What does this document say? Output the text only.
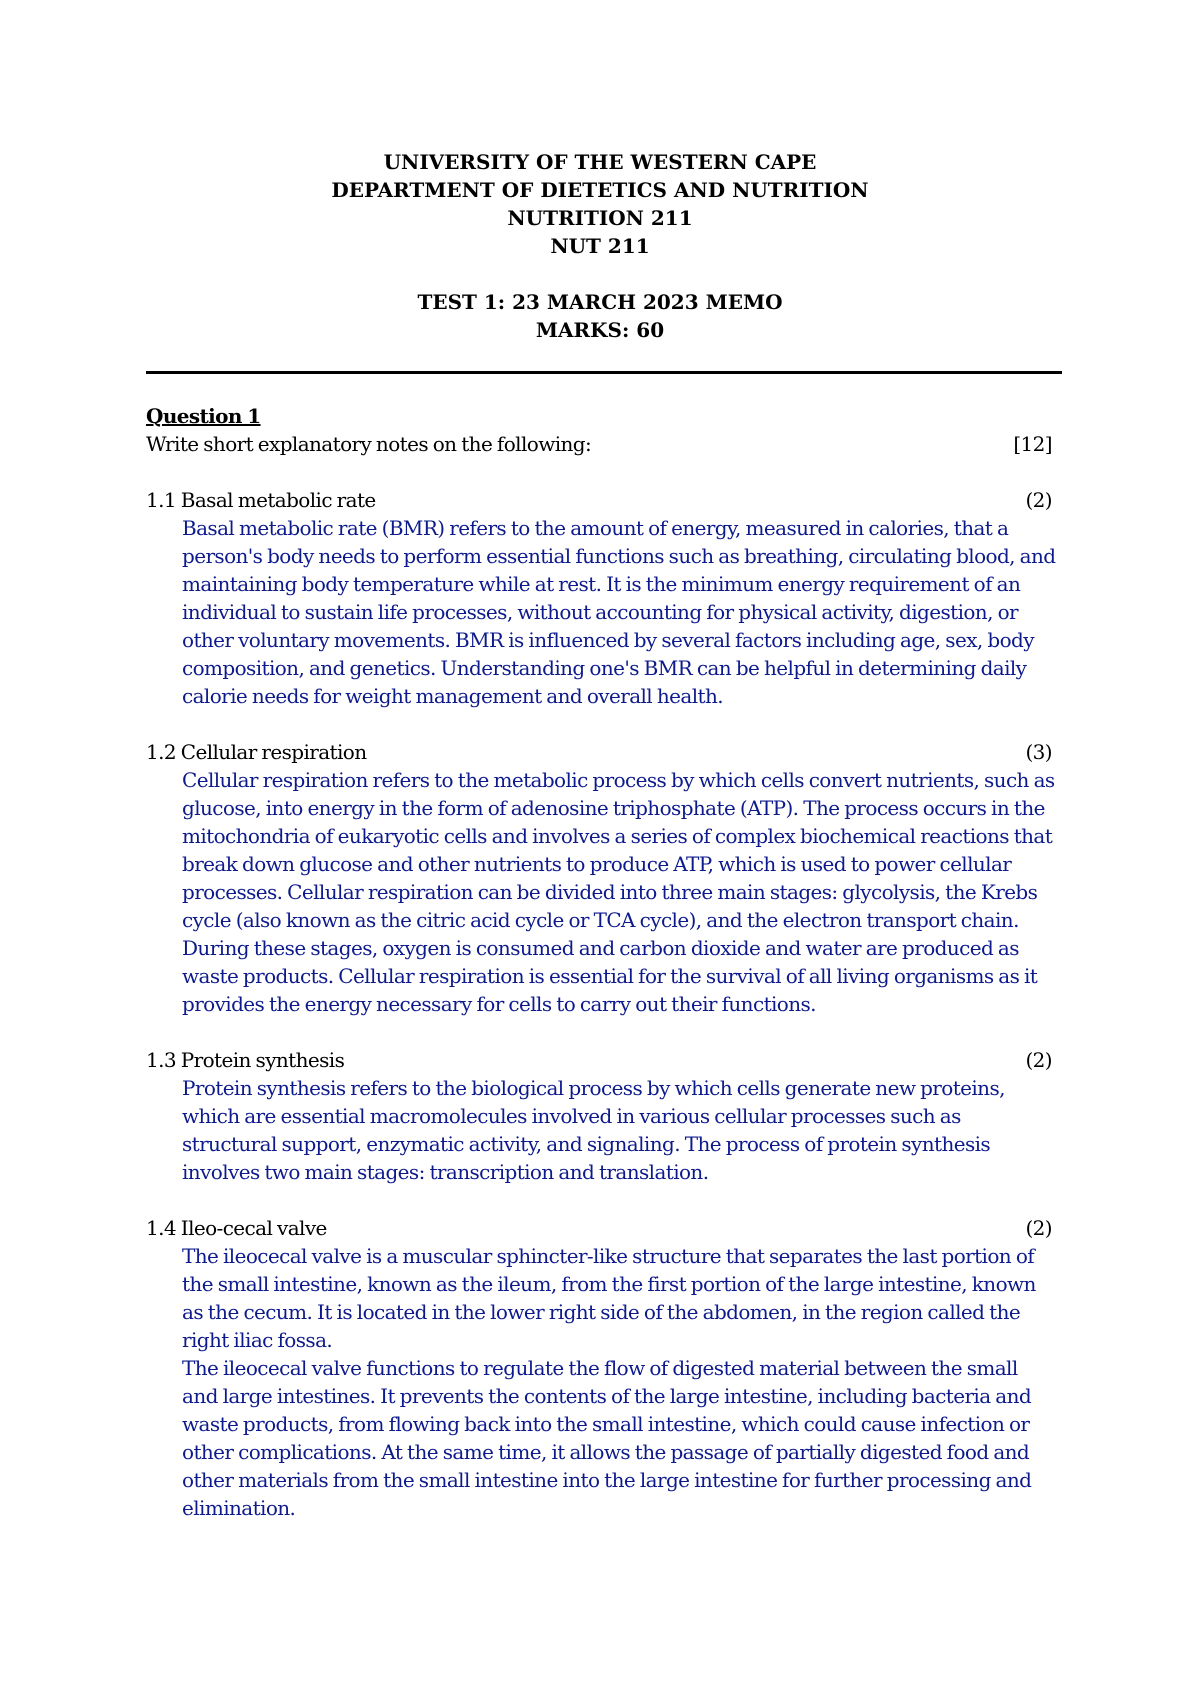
UNIVERSITY OF THE WESTERN CAPE
DEPARTMENT OF DIETETICS AND NUTRITION
NUTRITION 211
NUT 211
TEST 1: 23 MARCH 2023 MEMO
MARKS: 60
Question 1
Write short explanatory notes on the following:	[12]
1.1 Basal metabolic rate	(2)

Basal metabolic rate (BMR) refers to the amount of energy, measured in calories, that a person's body needs to perform essential functions such as breathing, circulating blood, and maintaining body temperature while at rest. It is the minimum energy requirement of an individual to sustain life processes, without accounting for physical activity, digestion, or other voluntary movements. BMR is influenced by several factors including age, sex, body composition, and genetics. Understanding one's BMR can be helpful in determining daily calorie needs for weight management and overall health.

1.2 Cellular respiration	(3)

Cellular respiration refers to the metabolic process by which cells convert nutrients, such as glucose, into energy in the form of adenosine triphosphate (ATP). The process occurs in the mitochondria of eukaryotic cells and involves a series of complex biochemical reactions that break down glucose and other nutrients to produce ATP, which is used to power cellular processes. Cellular respiration can be divided into three main stages: glycolysis, the Krebs cycle (also known as the citric acid cycle or TCA cycle), and the electron transport chain. During these stages, oxygen is consumed and carbon dioxide and water are produced as waste products. Cellular respiration is essential for the survival of all living organisms as it provides the energy necessary for cells to carry out their functions.

1.3 Protein synthesis	(2)

Protein synthesis refers to the biological process by which cells generate new proteins, which are essential macromolecules involved in various cellular processes such as structural support, enzymatic activity, and signaling. The process of protein synthesis involves two main stages: transcription and translation.

1.4 Ileo-cecal valve	(2)

The ileocecal valve is a muscular sphincter-like structure that separates the last portion of the small intestine, known as the ileum, from the first portion of the large intestine, known as the cecum. It is located in the lower right side of the abdomen, in the region called the right iliac fossa.

The ileocecal valve functions to regulate the flow of digested material between the small and large intestines. It prevents the contents of the large intestine, including bacteria and waste products, from flowing back into the small intestine, which could cause infection or other complications. At the same time, it allows the passage of partially digested food and other materials from the small intestine into the large intestine for further processing and elimination.
